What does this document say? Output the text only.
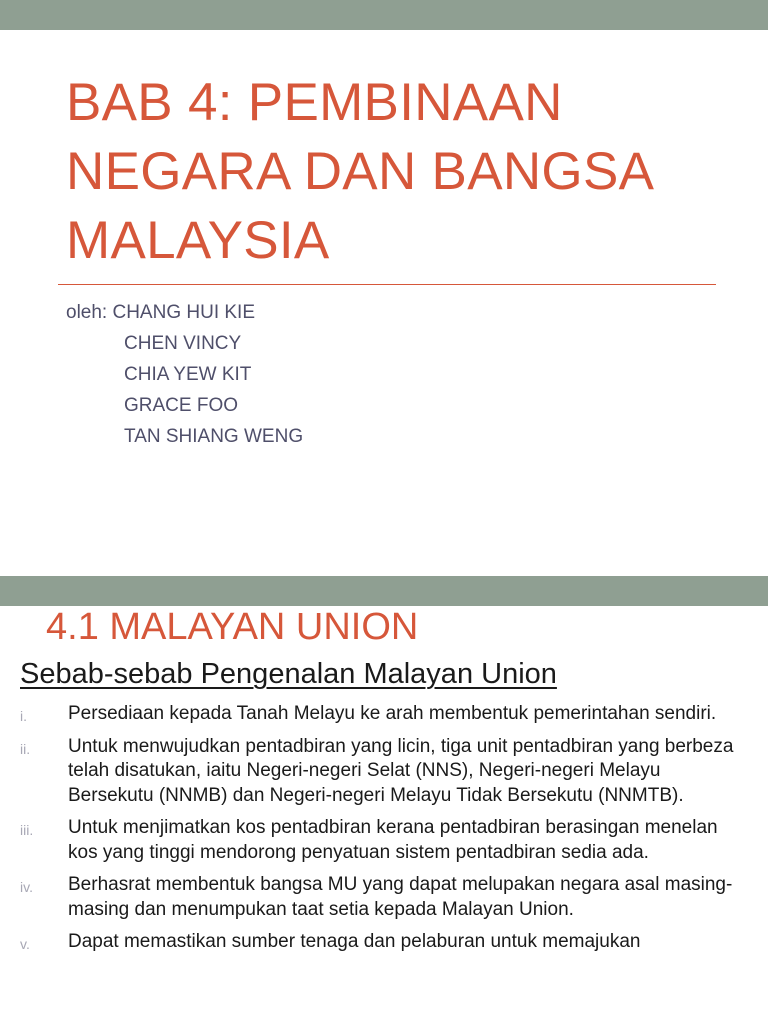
BAB 4: PEMBINAAN
NEGARA DAN BANGSA
MALAYSIA
oleh: CHANG HUI KIE
CHEN VINCY
CHIA YEW KIT
GRACE FOO
TAN SHIANG WENG
4.1 MALAYAN UNION
Sebab-sebab Pengenalan Malayan Union
i. Persediaan kepada Tanah Melayu ke arah membentuk pemerintahan sendiri.
ii. Untuk menwujudkan pentadbiran yang licin, tiga unit pentadbiran yang berbeza telah disatukan, iaitu Negeri-negeri Selat (NNS), Negeri-negeri Melayu Bersekutu (NNMB) dan Negeri-negeri Melayu Tidak Bersekutu (NNMTB).
iii. Untuk menjimatkan kos pentadbiran kerana pentadbiran berasingan menelan kos yang tinggi mendorong penyatuan sistem pentadbiran sedia ada.
iv. Berhasrat membentuk bangsa MU yang dapat melupakan negara asal masing-masing dan menumpukan taat setia kepada Malayan Union.
v. Dapat memastikan sumber tenaga dan pelaburan untuk memajukan
